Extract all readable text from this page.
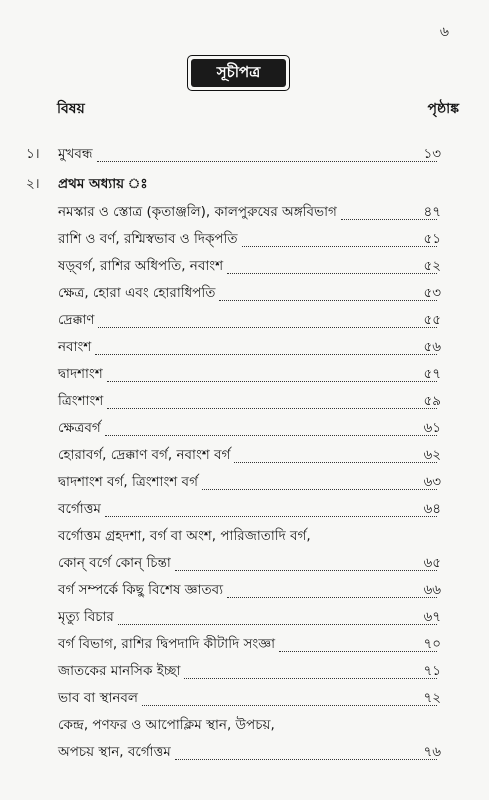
৬
সূচীপত্র
বিষয়	পৃষ্ঠাঙ্ক
১। মুখবন্ধ	১৩
২। প্রথম অধ্যায় ঃ
নমস্কার ও স্তোত্র (কৃতাঞ্জলি), কালপুরুষের অঙ্গবিভাগ	৪৭
রাশি ও বর্ণ, রশ্মিস্বভাব ও দিক্‌পতি	৫১
ষড়্‌বর্গ, রাশির অধিপতি, নবাংশ	৫২
ক্ষেত্র, হোরা এবং হোরাধিপতি	৫৩
দ্রেক্কাণ	৫৫
নবাংশ	৫৬
দ্বাদশাংশ	৫৭
ত্রিংশাংশ	৫৯
ক্ষেত্রবর্গ	৬১
হোরাবর্গ, দ্রেক্কাণ বর্গ, নবাংশ বর্গ	৬২
দ্বাদশাংশ বর্গ, ত্রিংশাংশ বর্গ	৬৩
বর্গোত্তম	৬৪
বর্গোত্তম গ্রহদশা, বর্গ বা অংশ, পারিজাতাদি বর্গ,
কোন্‌ বর্গে কোন্‌ চিন্তা	৬৫
বর্গ সম্পর্কে কিছু বিশেষ জ্ঞাতব্য	৬৬
মৃত্যু বিচার	৬৭
বর্গ বিভাগ, রাশির দ্বিপদাদি কীটাদি সংজ্ঞা	৭০
জাতকের মানসিক ইচ্ছা	৭১
ভাব বা স্থানবল	৭২
কেন্দ্র, পণফর ও আপোক্লিম স্থান, উপচয়,
অপচয় স্থান, বর্গোত্তম	৭৬
